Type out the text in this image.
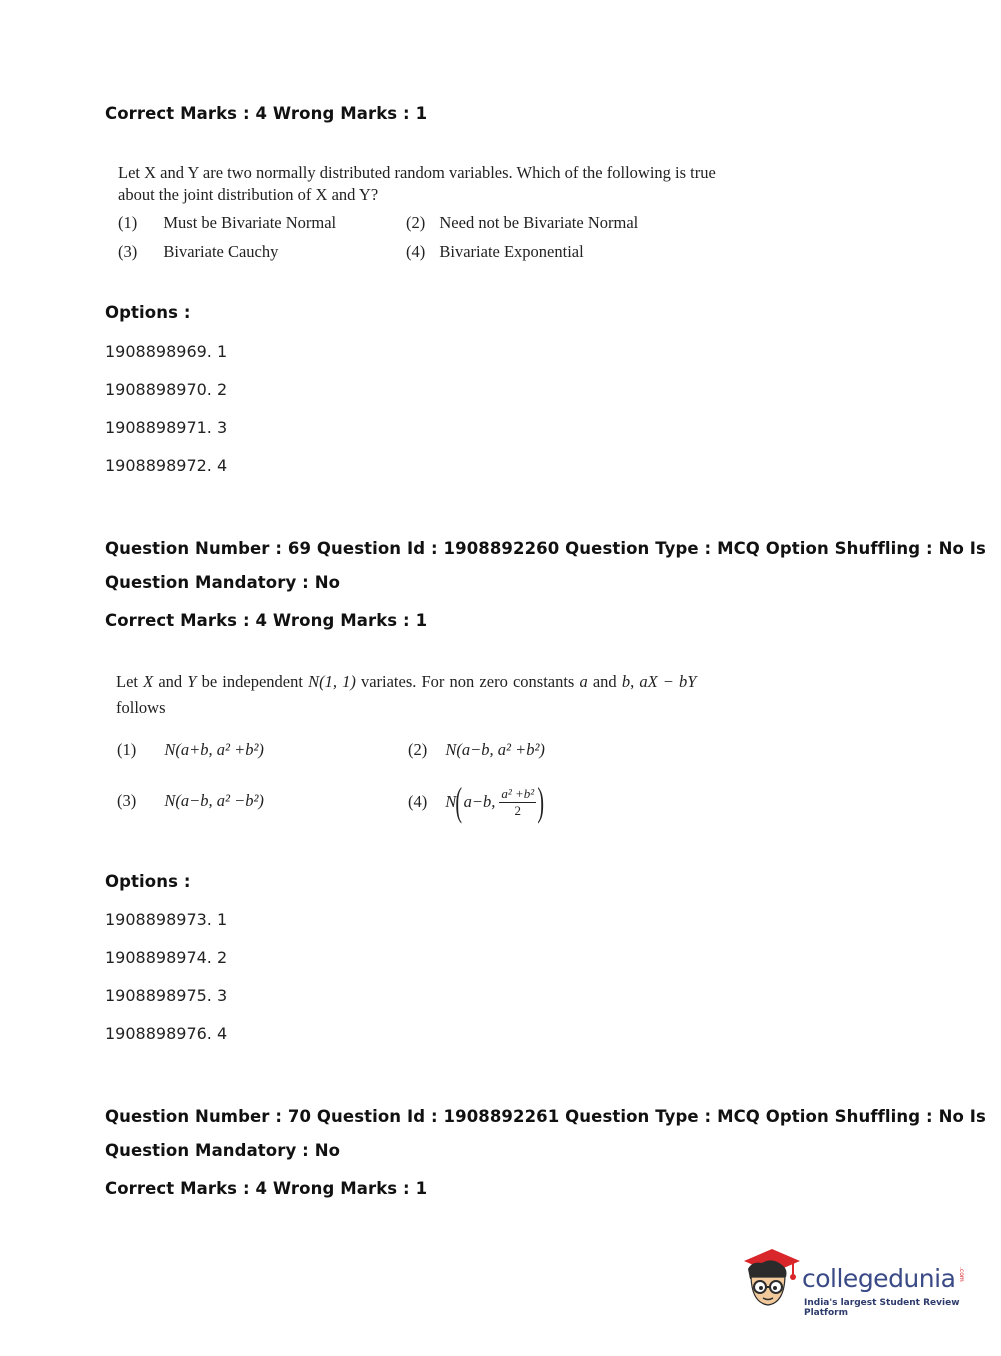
Correct Marks : 4 Wrong Marks : 1
Let X and Y are two normally distributed random variables. Which of the following is true
about the joint distribution of X and Y?
(1) Must be Bivariate Normal	(2) Need not be Bivariate Normal
(3) Bivariate Cauchy	(4) Bivariate Exponential
Options :
1908898969. 1
1908898970. 2
1908898971. 3
1908898972. 4
Question Number : 69 Question Id : 1908892260 Question Type : MCQ Option Shuffling : No Is
Question Mandatory : No
Correct Marks : 4 Wrong Marks : 1
Let X and Y be independent N(1, 1) variates. For non zero constants a and b, aX − bY
follows
(1) N(a+b, a² +b²)	(2) N(a−b, a² +b²)
(3) N(a−b, a² −b²)	(4) N ( a−b, $\frac{\text{a² +b²}}{2}$ )
Options :
1908898973. 1
1908898974. 2
1908898975. 3
1908898976. 4
Question Number : 70 Question Id : 1908892261 Question Type : MCQ Option Shuffling : No Is
Question Mandatory : No
Correct Marks : 4 Wrong Marks : 1
collegedunia .com
India's largest Student Review Platform
